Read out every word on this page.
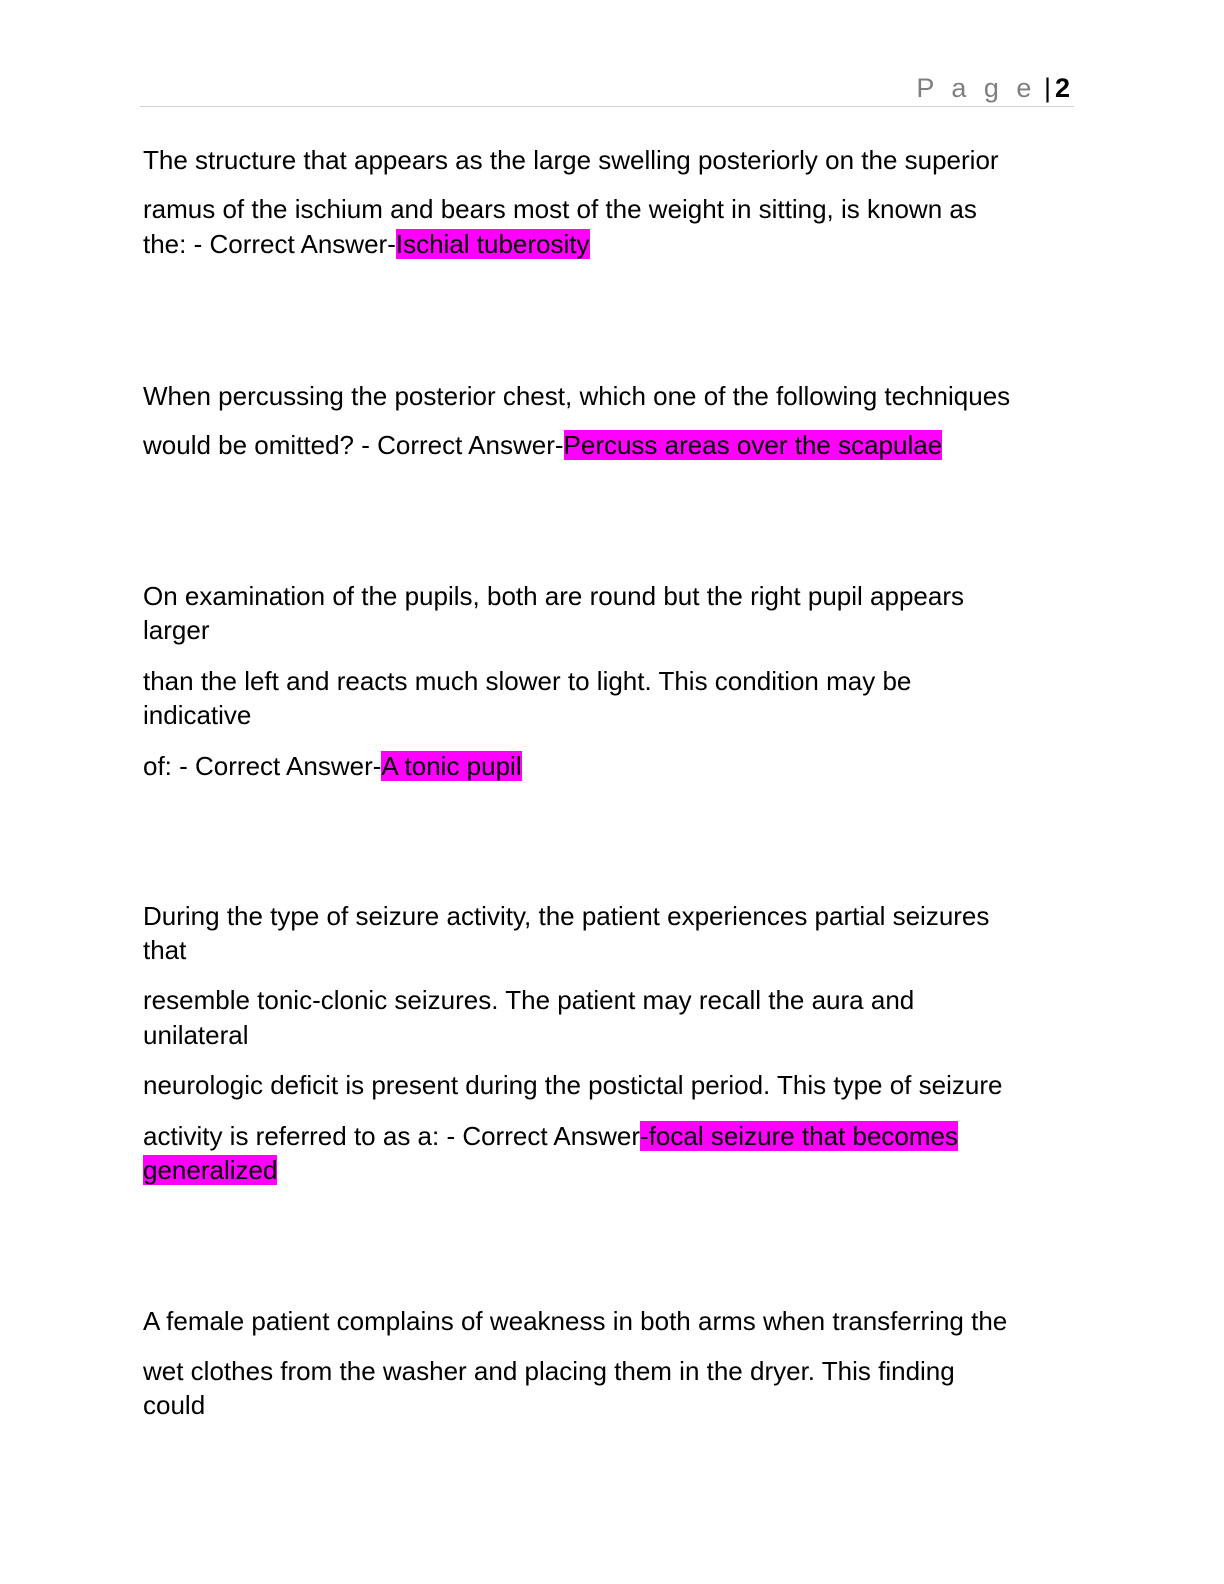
P a g e | 2
The structure that appears as the large swelling posteriorly on the superior
ramus of the ischium and bears most of the weight in sitting, is known as
the: - Correct Answer-Ischial tuberosity
When percussing the posterior chest, which one of the following techniques
would be omitted? - Correct Answer-Percuss areas over the scapulae
On examination of the pupils, both are round but the right pupil appears
larger
than the left and reacts much slower to light. This condition may be
indicative
of: - Correct Answer-A tonic pupil
During the type of seizure activity, the patient experiences partial seizures
that
resemble tonic-clonic seizures. The patient may recall the aura and
unilateral
neurologic deficit is present during the postictal period. This type of seizure
activity is referred to as a: - Correct Answer-focal seizure that becomes
generalized
A female patient complains of weakness in both arms when transferring the
wet clothes from the washer and placing them in the dryer. This finding
could
